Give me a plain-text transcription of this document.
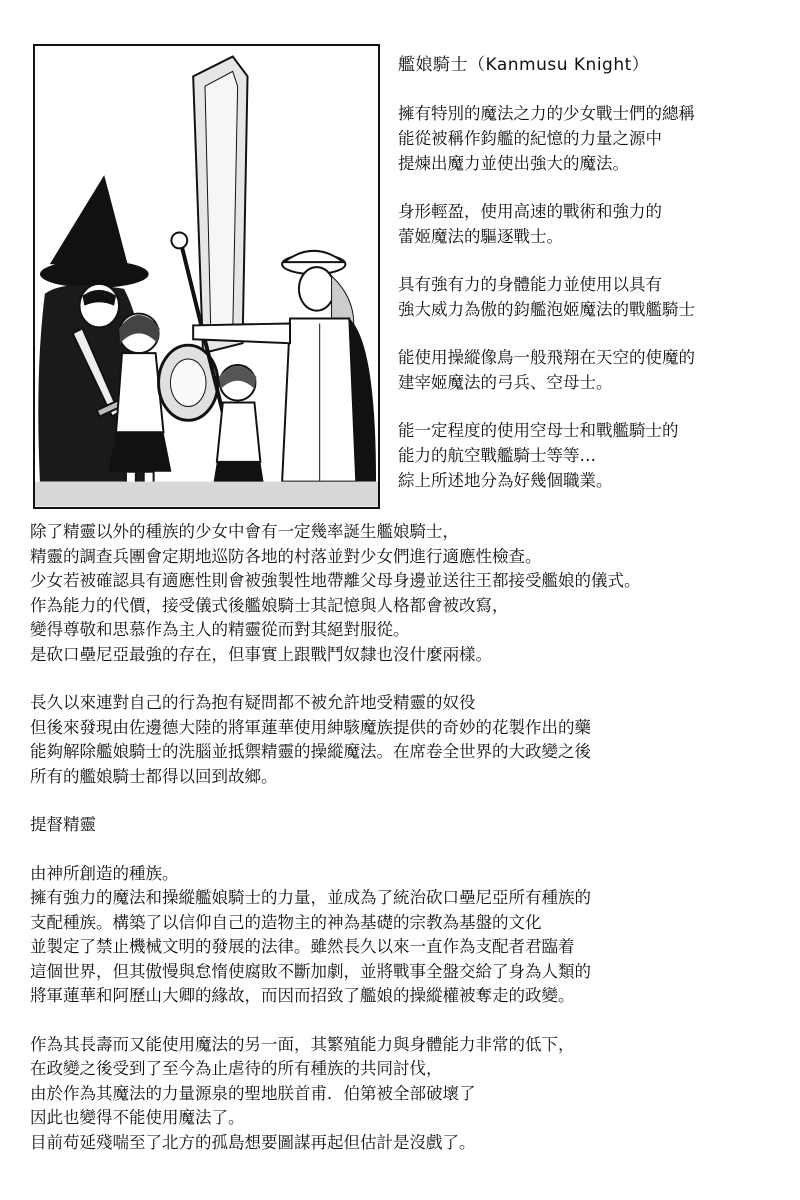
艦娘騎士（Kanmusu Knight）
擁有特別的魔法之力的少女戰士們的總稱
能從被稱作鈞艦的紀憶的力量之源中
提煉出魔力並使出強大的魔法。
身形輕盈，使用高速的戰術和強力的
蕾姬魔法的驅逐戰士。
具有強有力的身體能力並使用以具有
強大威力為傲的鈞艦泡姬魔法的戰艦騎士
能使用操縱像鳥一般飛翔在天空的使魔的
建宰姬魔法的弓兵、空母士。
能一定程度的使用空母士和戰艦騎士的
能力的航空戰艦騎士等等…
綜上所述地分為好幾個職業。
除了精靈以外的種族的少女中會有一定幾率誕生艦娘騎士，
精靈的調查兵團會定期地巡防各地的村落並對少女們進行適應性檢查。
少女若被確認具有適應性則會被強製性地帶離父母身邊並送往王都接受艦娘的儀式。
作為能力的代價，接受儀式後艦娘騎士其記憶與人格都會被改寫，
變得尊敬和思慕作為主人的精靈從而對其絕對服從。
是砍口壘尼亞最強的存在，但事實上跟戰鬥奴隸也沒什麼兩樣。
長久以來連對自己的行為抱有疑問都不被允許地受精靈的奴役
但後來發現由佐邊德大陸的將軍蓮華使用紳駭魔族提供的奇妙的花製作出的藥
能夠解除艦娘騎士的洗腦並抵禦精靈的操縱魔法。在席卷全世界的大政變之後
所有的艦娘騎士都得以回到故鄉。
提督精靈
由神所創造的種族。
擁有強力的魔法和操縱艦娘騎士的力量，並成為了統治砍口壘尼亞所有種族的
支配種族。構築了以信仰自己的造物主的神為基礎的宗教為基盤的文化
並製定了禁止機械文明的發展的法律。雖然長久以來一直作為支配者君臨着
這個世界，但其傲慢與怠惰使腐敗不斷加劇，並將戰事全盤交給了身為人類的
將軍蓮華和阿歷山大卿的緣故，而因而招致了艦娘的操縱權被奪走的政變。
作為其長壽而又能使用魔法的另一面，其繁殖能力與身體能力非常的低下，
在政變之後受到了至今為止虐待的所有種族的共同討伐，
由於作為其魔法的力量源泉的聖地朕首甫．伯第被全部破壞了
因此也變得不能使用魔法了。
目前苟延殘喘至了北方的孤島想要圖謀再起但估計是沒戲了。
